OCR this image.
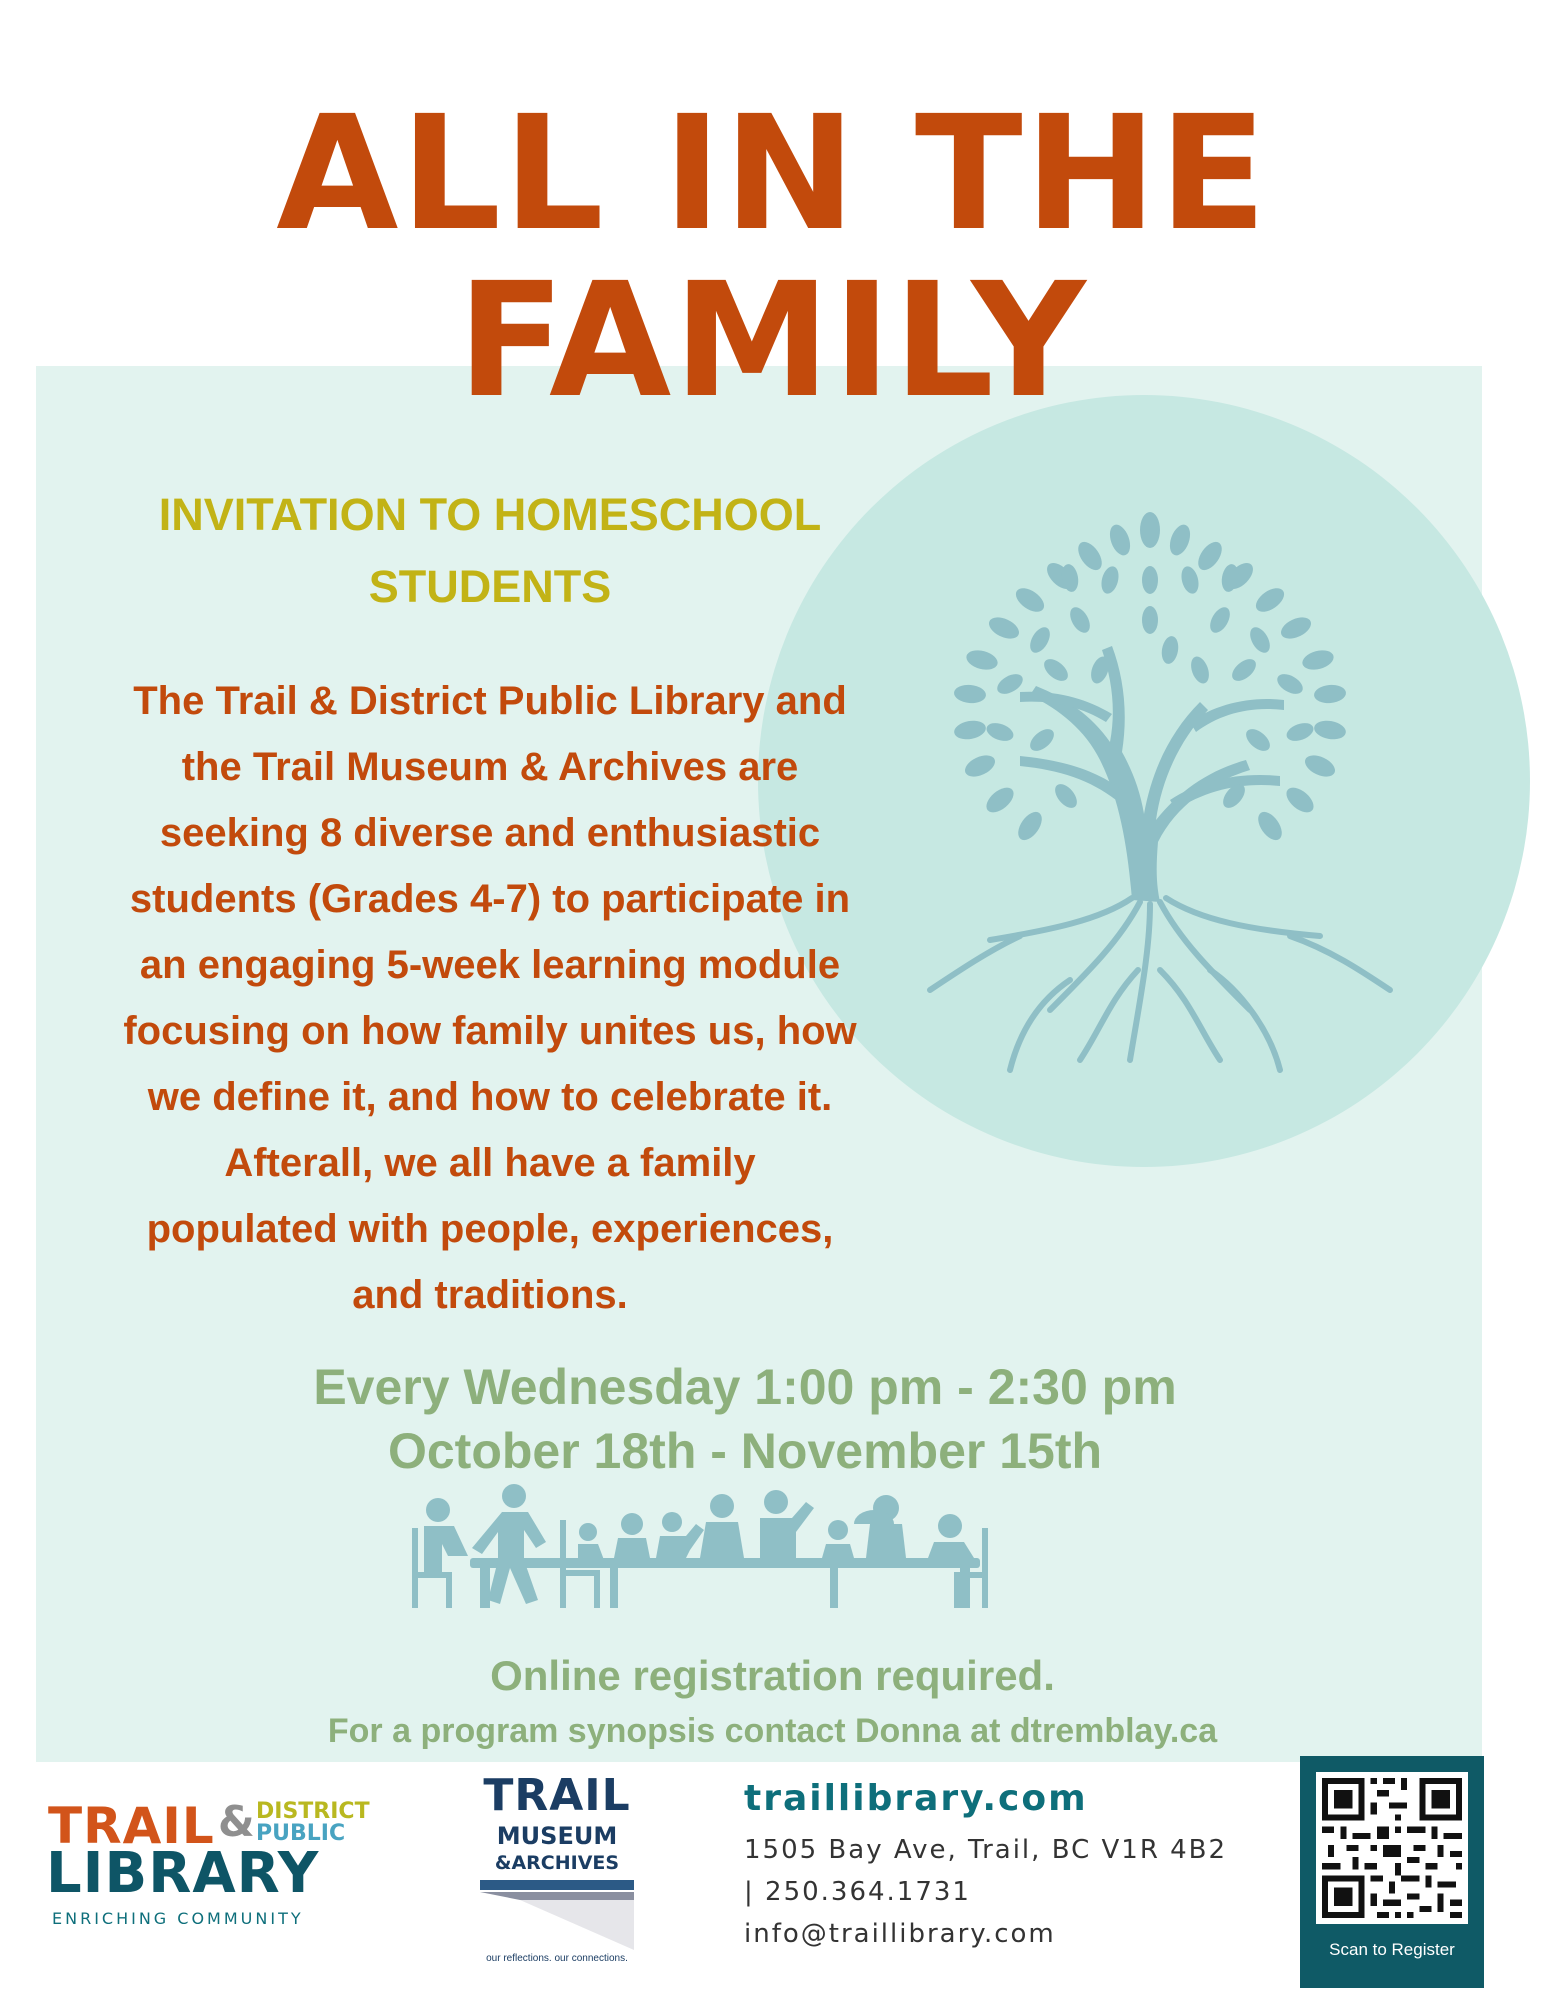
ALL IN THE
FAMILY
INVITATION TO HOMESCHOOL
STUDENTS
The Trail & District Public Library and
the Trail Museum & Archives are
seeking 8 diverse and enthusiastic
students (Grades 4-7) to participate in
an engaging 5-week learning module
focusing on how family unites us, how
we define it, and how to celebrate it.
Afterall, we all have a family
populated with people, experiences,
and traditions.
Every Wednesday 1:00 pm - 2:30 pm
October 18th - November 15th
Online registration required.
For a program synopsis contact Donna at dtremblay.ca
TRAIL & DISTRICT
PUBLIC
LIBRARY
ENRICHING COMMUNITY
TRAIL
MUSEUM
&ARCHIVES
our reflections. our connections.
traillibrary.com
1505 Bay Ave, Trail, BC V1R 4B2
| 250.364.1731
info@traillibrary.com
Scan to Register
